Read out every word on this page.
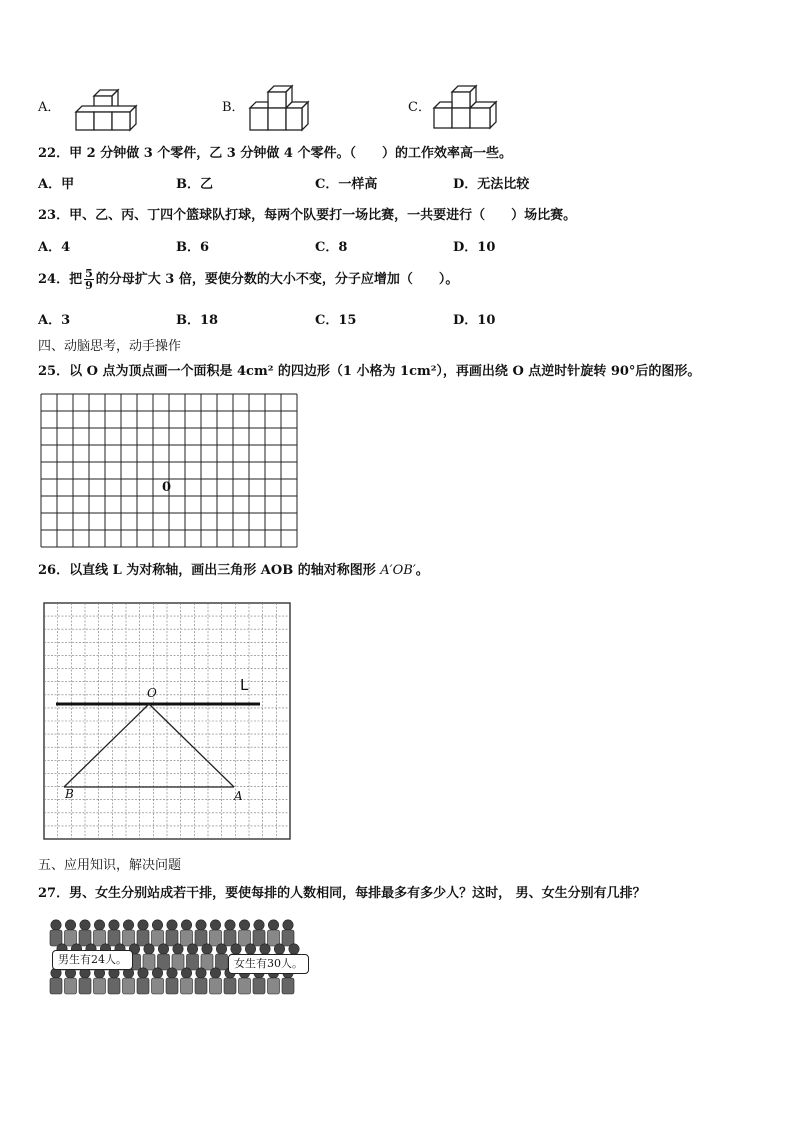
A．	B．	C．
22．甲 2 分钟做 3 个零件，乙 3 分钟做 4 个零件。（　　）的工作效率高一些。
A．甲	B．乙	C．一样高	D．无法比较
23．甲、乙、丙、丁四个篮球队打球，每两个队要打一场比赛，一共要进行（　　）场比赛。
A．4	B．6	C．8	D．10
24．把 $\frac{5}{9}$ 的分母扩大 3 倍，要使分数的大小不变，分子应增加（　　）。
A．3	B．18	C．15	D．10
四、动脑思考，动手操作
25．以 O 点为顶点画一个面积是 4cm² 的四边形（1 小格为 1cm²），再画出绕 O 点逆时针旋转 90°后的图形。
0
26．以直线 L 为对称轴，画出三角形 AOB 的轴对称图形 A′OB′。
O	L
B	A
五、应用知识，解决问题
27．男、女生分别站成若干排，要使每排的人数相同，每排最多有多少人？这时， 男、女生分别有几排？
男生有24人。	女生有30人。
